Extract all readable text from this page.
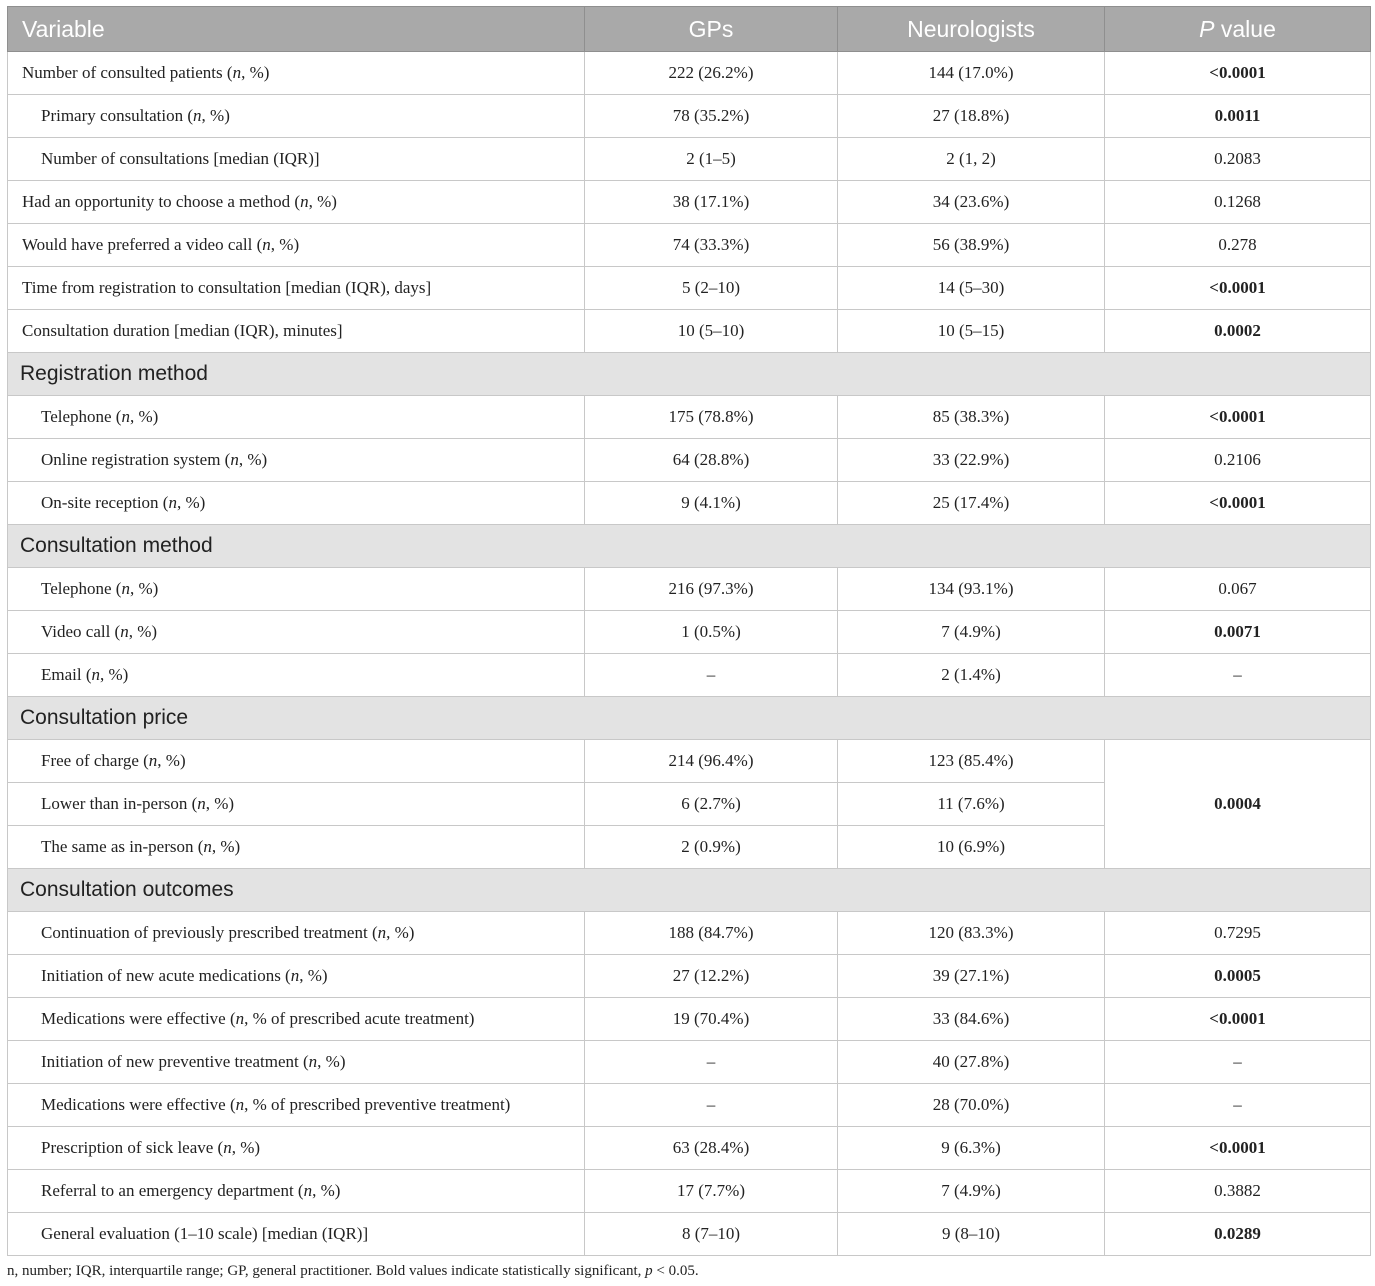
Variable	GPs	Neurologists	P value
Number of consulted patients (n, %)	222 (26.2%)	144 (17.0%)	<0.0001
Primary consultation (n, %)	78 (35.2%)	27 (18.8%)	0.0011
Number of consultations [median (IQR)]	2 (1–5)	2 (1, 2)	0.2083
Had an opportunity to choose a method (n, %)	38 (17.1%)	34 (23.6%)	0.1268
Would have preferred a video call (n, %)	74 (33.3%)	56 (38.9%)	0.278
Time from registration to consultation [median (IQR), days]	5 (2–10)	14 (5–30)	<0.0001
Consultation duration [median (IQR), minutes]	10 (5–10)	10 (5–15)	0.0002
Registration method			
Telephone (n, %)	175 (78.8%)	85 (38.3%)	<0.0001
Online registration system (n, %)	64 (28.8%)	33 (22.9%)	0.2106
On-site reception (n, %)	9 (4.1%)	25 (17.4%)	<0.0001
Consultation method			
Telephone (n, %)	216 (97.3%)	134 (93.1%)	0.067
Video call (n, %)	1 (0.5%)	7 (4.9%)	0.0071
Email (n, %)	–	2 (1.4%)	–
Consultation price			
Free of charge (n, %)	214 (96.4%)	123 (85.4%)	0.0004
Lower than in-person (n, %)	6 (2.7%)	11 (7.6%)	
The same as in-person (n, %)	2 (0.9%)	10 (6.9%)	
Consultation outcomes			
Continuation of previously prescribed treatment (n, %)	188 (84.7%)	120 (83.3%)	0.7295
Initiation of new acute medications (n, %)	27 (12.2%)	39 (27.1%)	0.0005
Medications were effective (n, % of prescribed acute treatment)	19 (70.4%)	33 (84.6%)	<0.0001
Initiation of new preventive treatment (n, %)	–	40 (27.8%)	–
Medications were effective (n, % of prescribed preventive treatment)	–	28 (70.0%)	–
Prescription of sick leave (n, %)	63 (28.4%)	9 (6.3%)	<0.0001
Referral to an emergency department (n, %)	17 (7.7%)	7 (4.9%)	0.3882
General evaluation (1–10 scale) [median (IQR)]	8 (7–10)	9 (8–10)	0.0289
n, number; IQR, interquartile range; GP, general practitioner. Bold values indicate statistically significant, p < 0.05.
